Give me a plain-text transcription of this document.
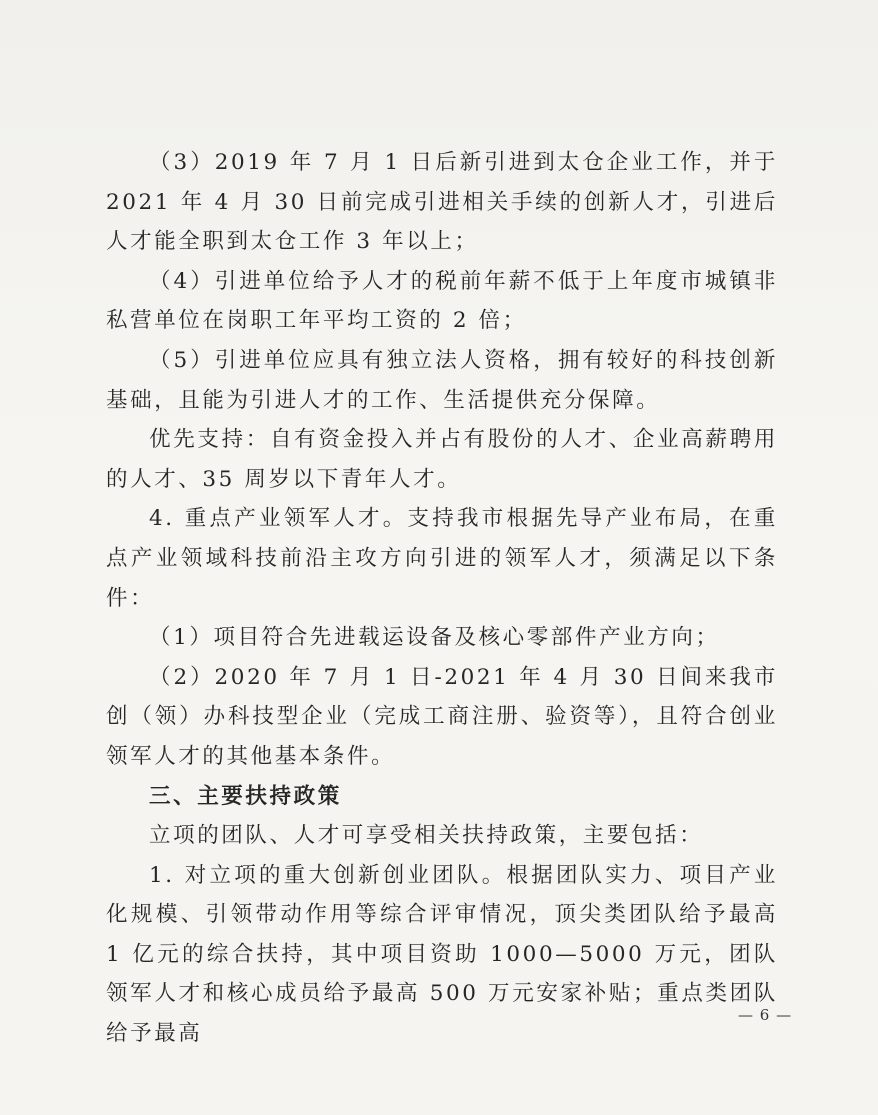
（3）2019 年 7 月 1 日后新引进到太仓企业工作，并于 2021 年 4 月 30 日前完成引进相关手续的创新人才，引进后人才能全职到太仓工作 3 年以上；

（4）引进单位给予人才的税前年薪不低于上年度市城镇非私营单位在岗职工年平均工资的 2 倍；

（5）引进单位应具有独立法人资格，拥有较好的科技创新基础，且能为引进人才的工作、生活提供充分保障。

优先支持：自有资金投入并占有股份的人才、企业高薪聘用的人才、35 周岁以下青年人才。

4. 重点产业领军人才。支持我市根据先导产业布局，在重点产业领域科技前沿主攻方向引进的领军人才，须满足以下条件：

（1）项目符合先进载运设备及核心零部件产业方向；

（2）2020 年 7 月 1 日-2021 年 4 月 30 日间来我市创（领）办科技型企业（完成工商注册、验资等），且符合创业领军人才的其他基本条件。

三、主要扶持政策

立项的团队、人才可享受相关扶持政策，主要包括：

1. 对立项的重大创新创业团队。根据团队实力、项目产业化规模、引领带动作用等综合评审情况，顶尖类团队给予最高 1 亿元的综合扶持，其中项目资助 1000—5000 万元，团队领军人才和核心成员给予最高 500 万元安家补贴；重点类团队给予最高

— 6 —
